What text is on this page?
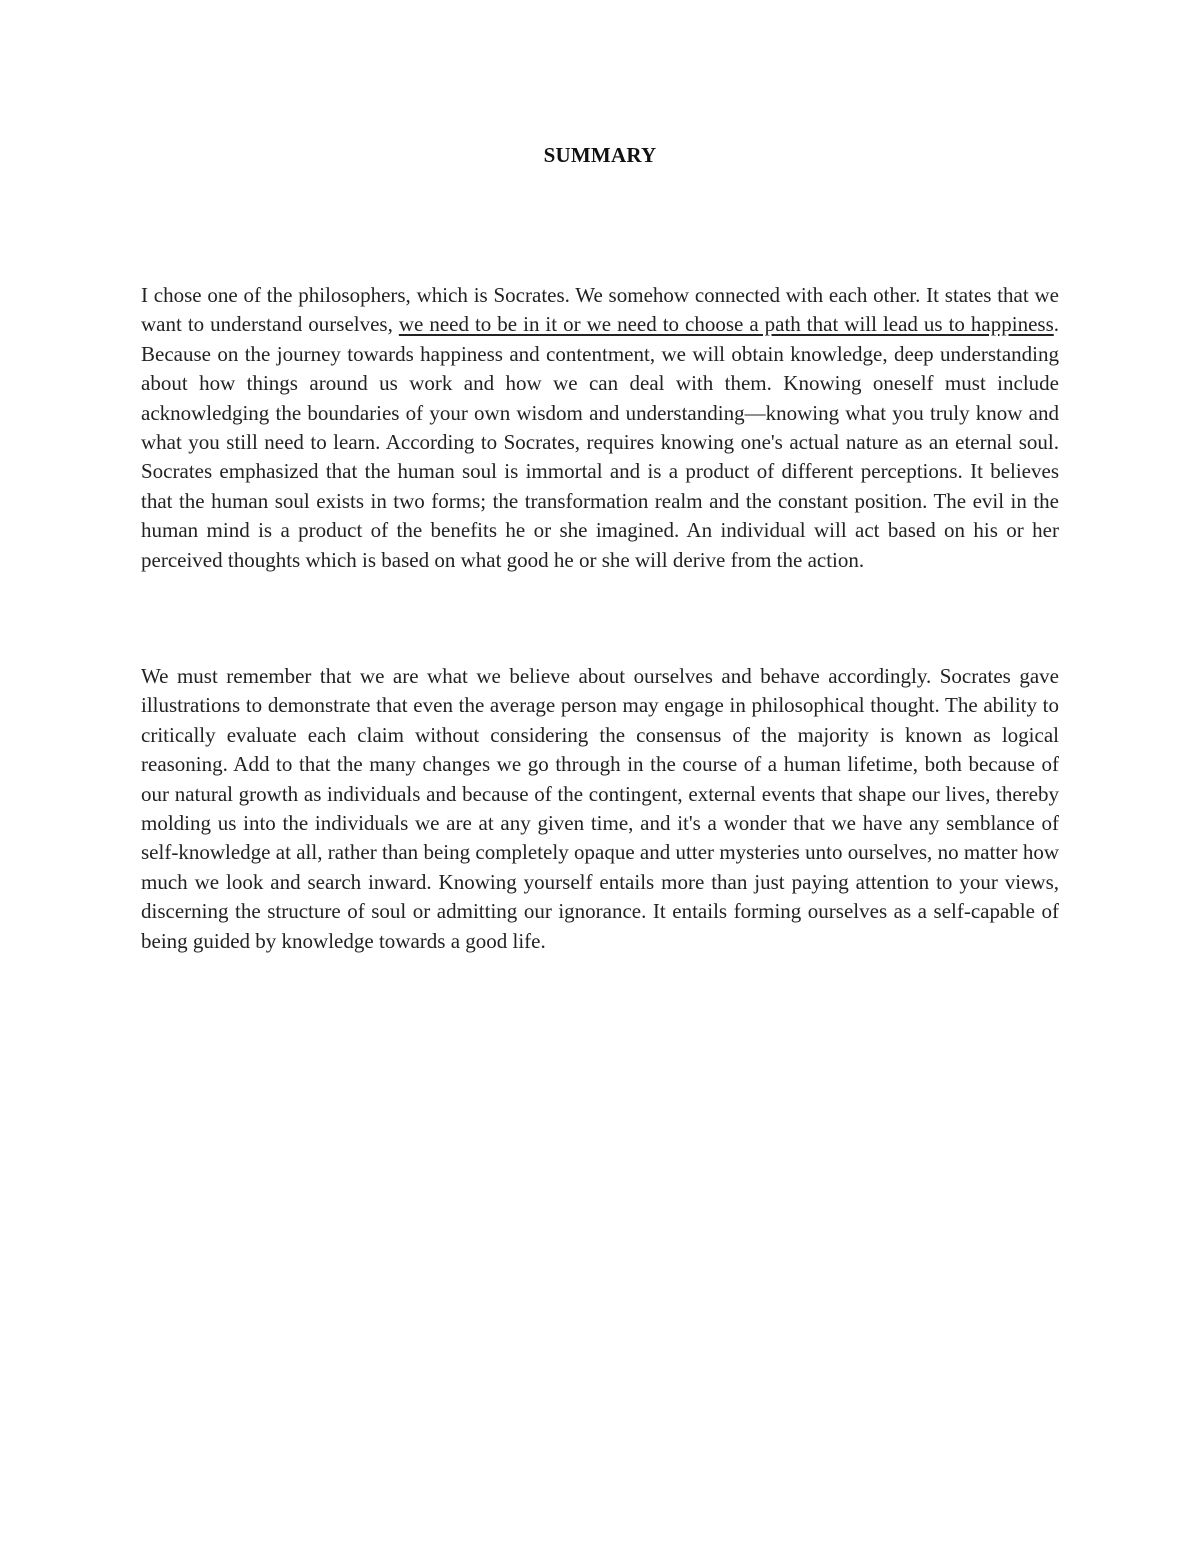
SUMMARY

I chose one of the philosophers, which is Socrates. We somehow connected with each other. It states that we want to understand ourselves, we need to be in it or we need to choose a path that will lead us to happiness. Because on the journey towards happiness and contentment, we will obtain knowledge, deep understanding about how things around us work and how we can deal with them. Knowing oneself must include acknowledging the boundaries of your own wisdom and understanding—knowing what you truly know and what you still need to learn. According to Socrates, requires knowing one's actual nature as an eternal soul. Socrates emphasized that the human soul is immortal and is a product of different perceptions. It believes that the human soul exists in two forms; the transformation realm and the constant position. The evil in the human mind is a product of the benefits he or she imagined. An individual will act based on his or her perceived thoughts which is based on what good he or she will derive from the action.

We must remember that we are what we believe about ourselves and behave accordingly. Socrates gave illustrations to demonstrate that even the average person may engage in philosophical thought. The ability to critically evaluate each claim without considering the consensus of the majority is known as logical reasoning. Add to that the many changes we go through in the course of a human lifetime, both because of our natural growth as individuals and because of the contingent, external events that shape our lives, thereby molding us into the individuals we are at any given time, and it's a wonder that we have any semblance of self-knowledge at all, rather than being completely opaque and utter mysteries unto ourselves, no matter how much we look and search inward. Knowing yourself entails more than just paying attention to your views, discerning the structure of soul or admitting our ignorance. It entails forming ourselves as a self-capable of being guided by knowledge towards a good life.
